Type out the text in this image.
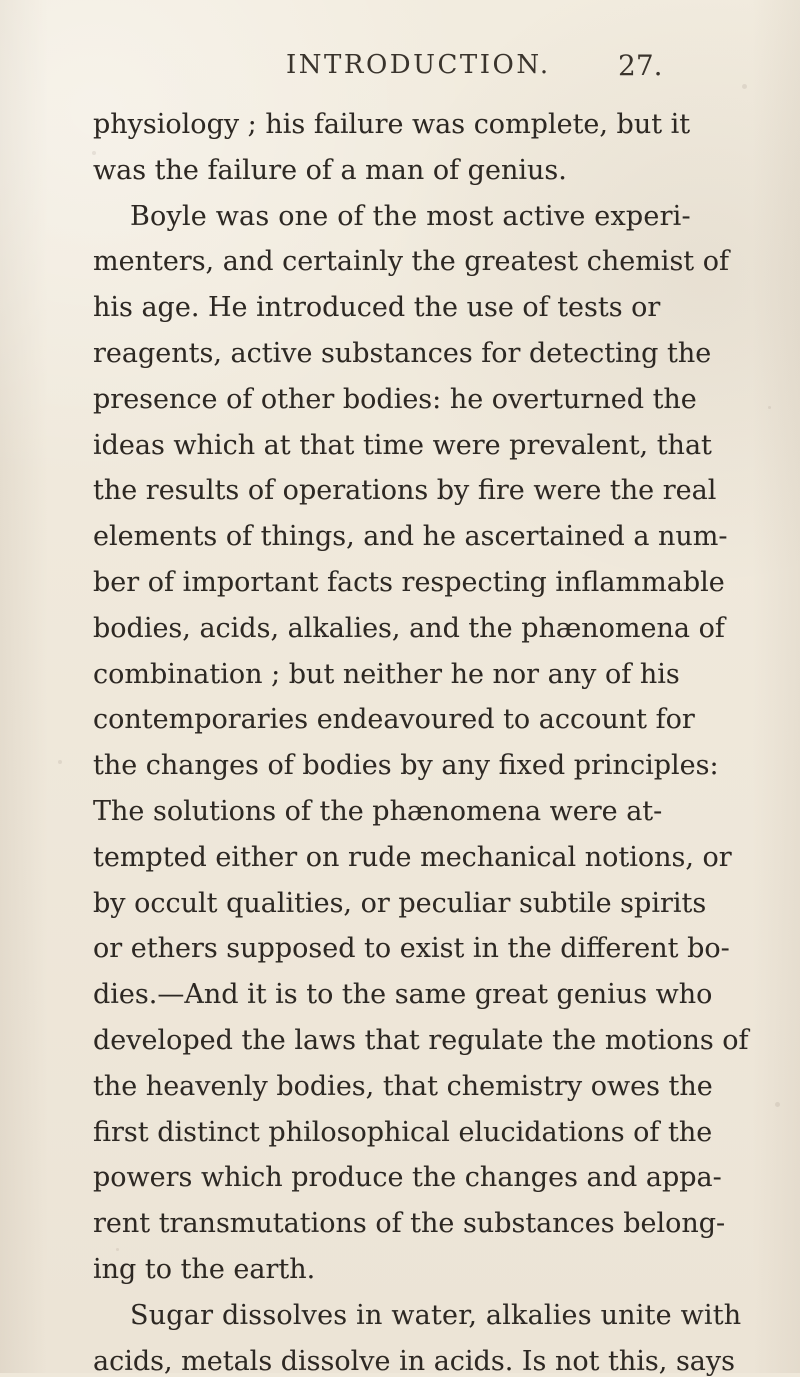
INTRODUCTION. 27.
physiology ; his failure was complete, but it
was the failure of a man of genius.
Boyle was one of the most active experi-
menters, and certainly the greatest chemist of
his age. He introduced the use of tests or
reagents, active substances for detecting the
presence of other bodies: he overturned the
ideas which at that time were prevalent, that
the results of operations by fire were the real
elements of things, and he ascertained a num-
ber of important facts respecting inflammable
bodies, acids, alkalies, and the phænomena of
combination ; but neither he nor any of his
contemporaries endeavoured to account for
the changes of bodies by any fixed principles:
The solutions of the phænomena were at-
tempted either on rude mechanical notions, or
by occult qualities, or peculiar subtile spirits
or ethers supposed to exist in the different bo-
dies.—And it is to the same great genius who
developed the laws that regulate the motions of
the heavenly bodies, that chemistry owes the
first distinct philosophical elucidations of the
powers which produce the changes and appa-
rent transmutations of the substances belong-
ing to the earth.
Sugar dissolves in water, alkalies unite with
acids, metals dissolve in acids. Is not this, says
